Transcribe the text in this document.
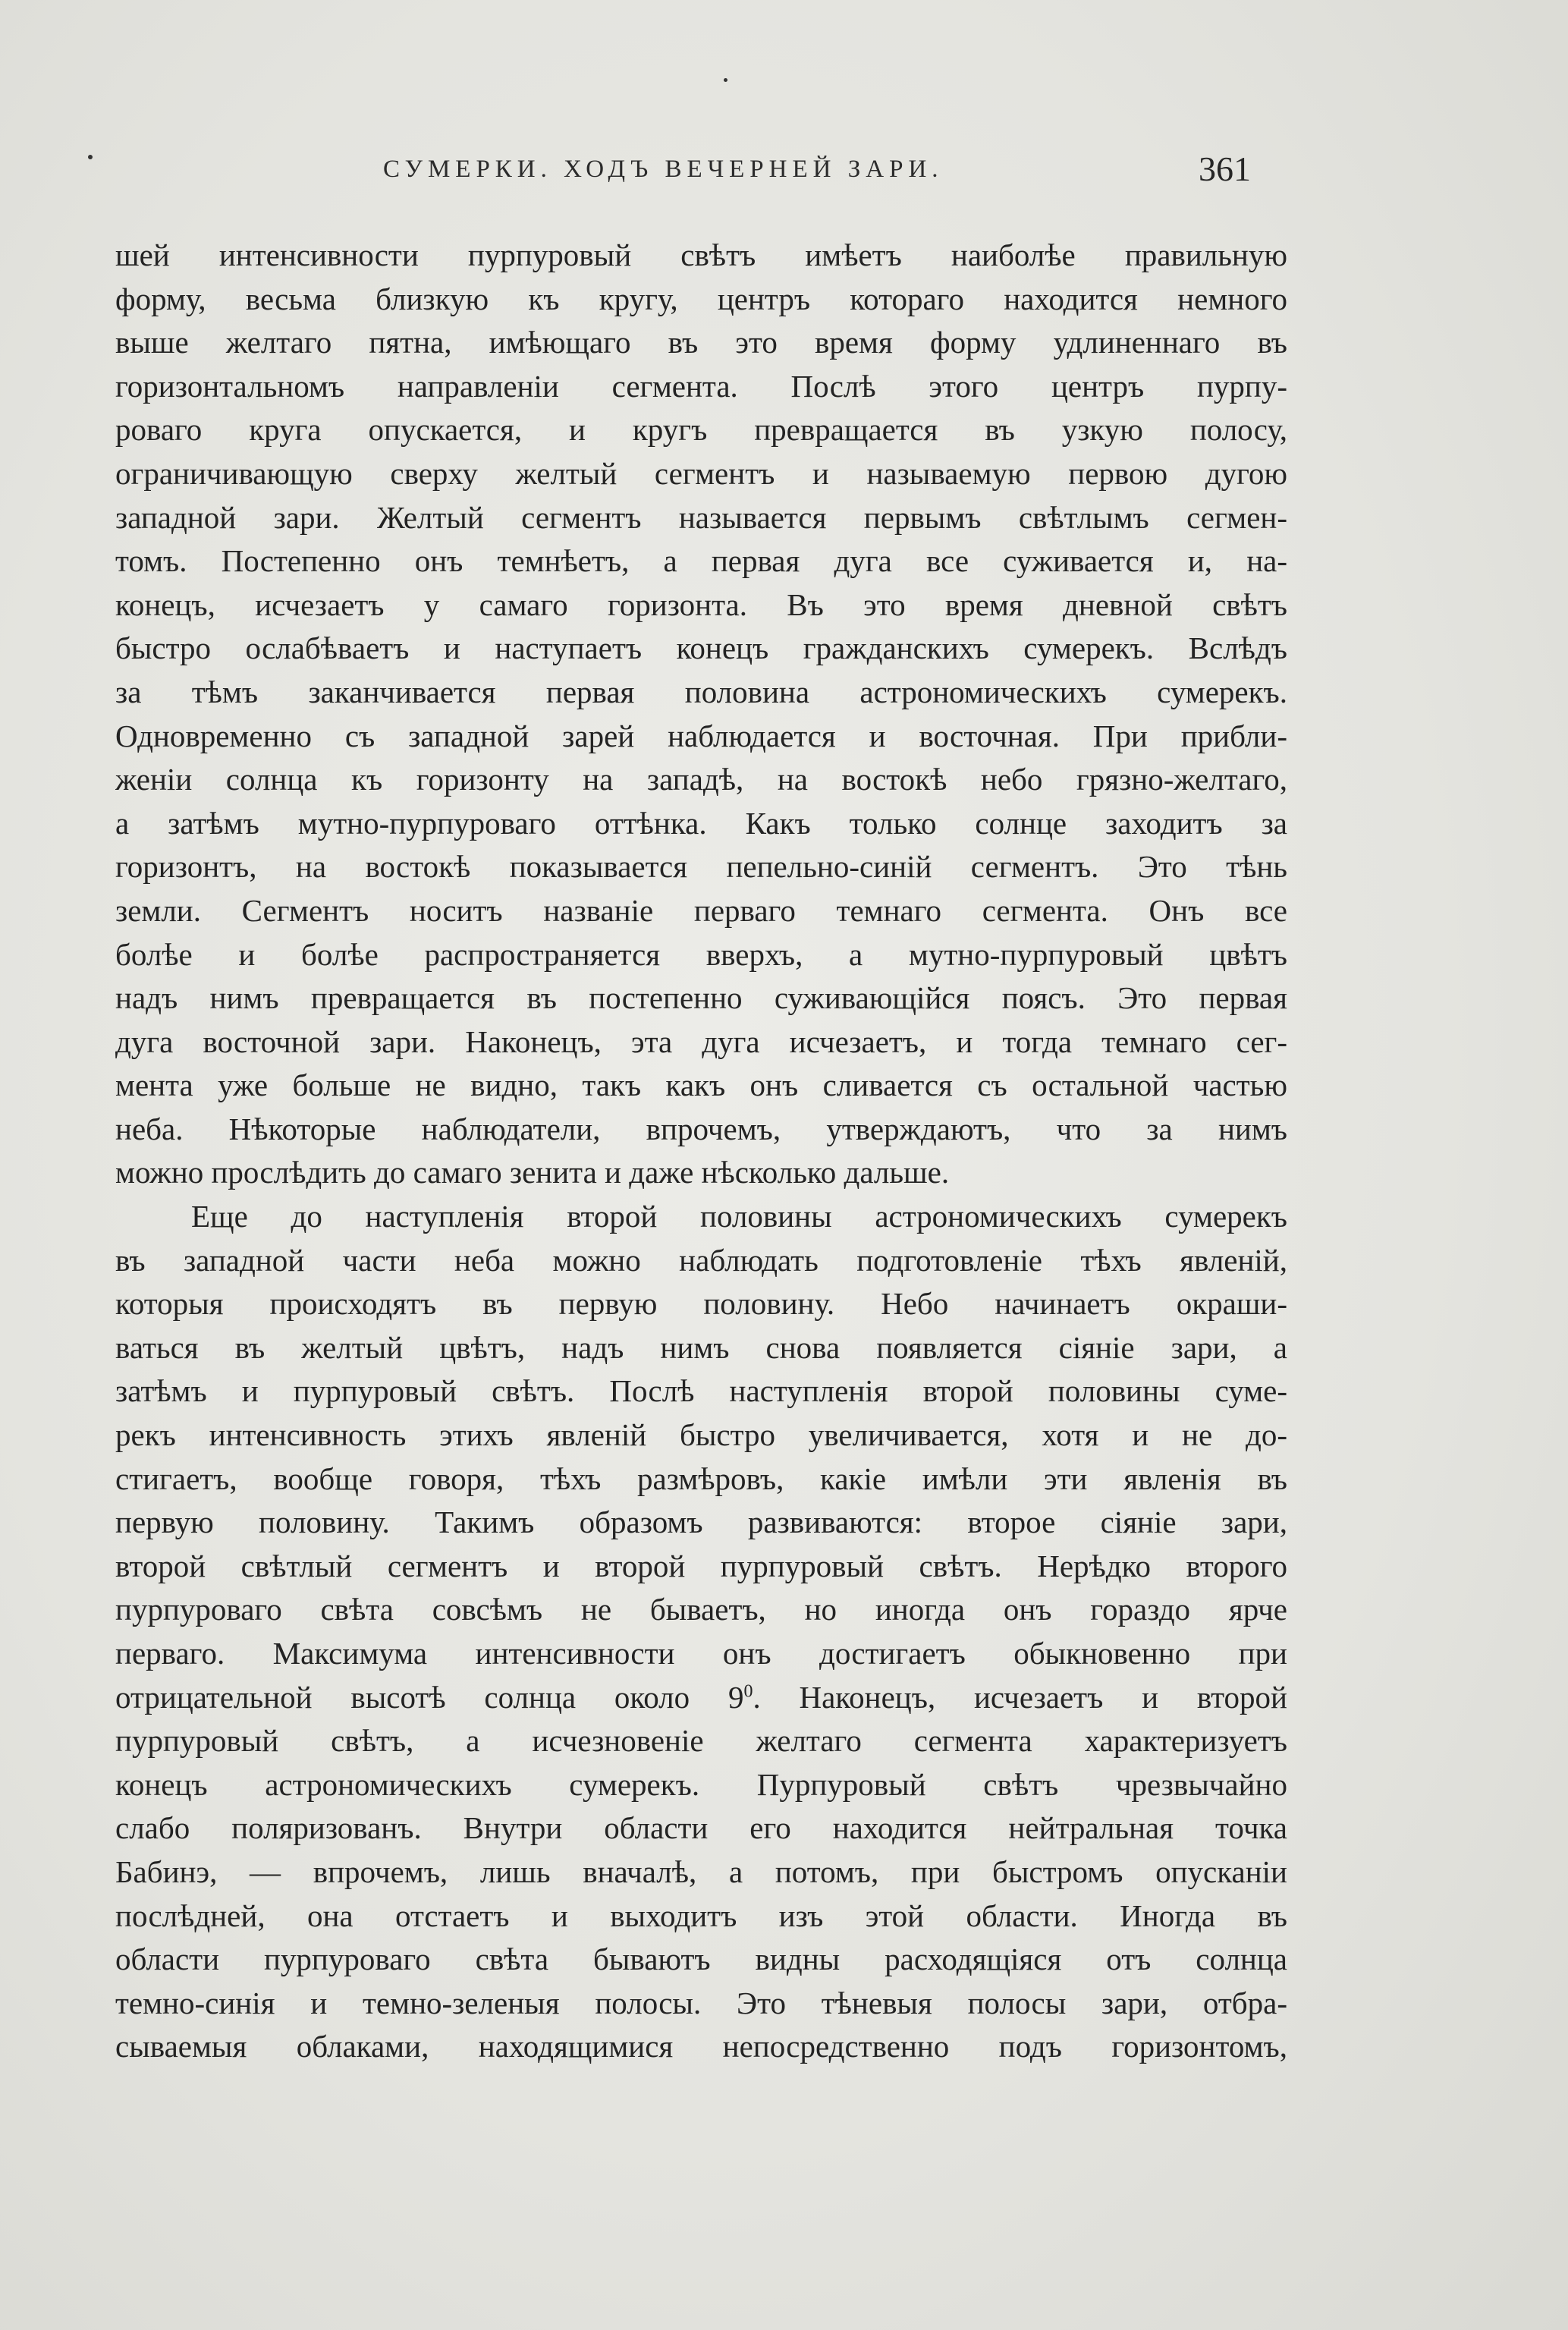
СУМЕРКИ. ХОДЪ ВЕЧЕРНЕЙ ЗАРИ.	361
шей интенсивности пурпуровый свѣтъ имѣетъ наиболѣе правильную
форму, весьма близкую къ кругу, центръ котораго находится немного
выше желтаго пятна, имѣющаго въ это время форму удлиненнаго въ
горизонтальномъ направленіи сегмента. Послѣ этого центръ пурпу-
роваго круга опускается, и кругъ превращается въ узкую полосу,
ограничивающую сверху желтый сегментъ и называемую первою дугою
западной зари. Желтый сегментъ называется первымъ свѣтлымъ сегмен-
томъ. Постепенно онъ темнѣетъ, а первая дуга все суживается и, на-
конецъ, исчезаетъ у самаго горизонта. Въ это время дневной свѣтъ
быстро ослабѣваетъ и наступаетъ конецъ гражданскихъ сумерекъ. Вслѣдъ
за тѣмъ заканчивается первая половина астрономическихъ сумерекъ.
Одновременно съ западной зарей наблюдается и восточная. При прибли-
женіи солнца къ горизонту на западѣ, на востокѣ небо грязно-желтаго,
а затѣмъ мутно-пурпуроваго оттѣнка. Какъ только солнце заходитъ за
горизонтъ, на востокѣ показывается пепельно-синій сегментъ. Это тѣнь
земли. Сегментъ носитъ названіе перваго темнаго сегмента. Онъ все
болѣе и болѣе распространяется вверхъ, а мутно-пурпуровый цвѣтъ
надъ нимъ превращается въ постепенно суживающійся поясъ. Это первая
дуга восточной зари. Наконецъ, эта дуга исчезаетъ, и тогда темнаго сег-
мента уже больше не видно, такъ какъ онъ сливается съ остальной частью
неба. Нѣкоторые наблюдатели, впрочемъ, утверждаютъ, что за нимъ
можно прослѣдить до самаго зенита и даже нѣсколько дальше.
Еще до наступленія второй половины астрономическихъ сумерекъ
въ западной части неба можно наблюдать подготовленіе тѣхъ явленій,
которыя происходятъ въ первую половину. Небо начинаетъ окраши-
ваться въ желтый цвѣтъ, надъ нимъ снова появляется сіяніе зари, а
затѣмъ и пурпуровый свѣтъ. Послѣ наступленія второй половины суме-
рекъ интенсивность этихъ явленій быстро увеличивается, хотя и не до-
стигаетъ, вообще говоря, тѣхъ размѣровъ, какіе имѣли эти явленія въ
первую половину. Такимъ образомъ развиваются: второе сіяніе зари,
второй свѣтлый сегментъ и второй пурпуровый свѣтъ. Нерѣдко второго
пурпуроваго свѣта совсѣмъ не бываетъ, но иногда онъ гораздо ярче
перваго. Максимума интенсивности онъ достигаетъ обыкновенно при
отрицательной высотѣ солнца около $9^0$. Наконецъ, исчезаетъ и второй
пурпуровый свѣтъ, а исчезновеніе желтаго сегмента характеризуетъ
конецъ астрономическихъ сумерекъ. Пурпуровый свѣтъ чрезвычайно
слабо поляризованъ. Внутри области его находится нейтральная точка
Бабинэ, — впрочемъ, лишь вначалѣ, а потомъ, при быстромъ опусканіи
послѣдней, она отстаетъ и выходитъ изъ этой области. Иногда въ
области пурпуроваго свѣта бываютъ видны расходящіяся отъ солнца
темно-синія и темно-зеленыя полосы. Это тѣневыя полосы зари, отбра-
сываемыя облаками, находящимися непосредственно подъ горизонтомъ,
